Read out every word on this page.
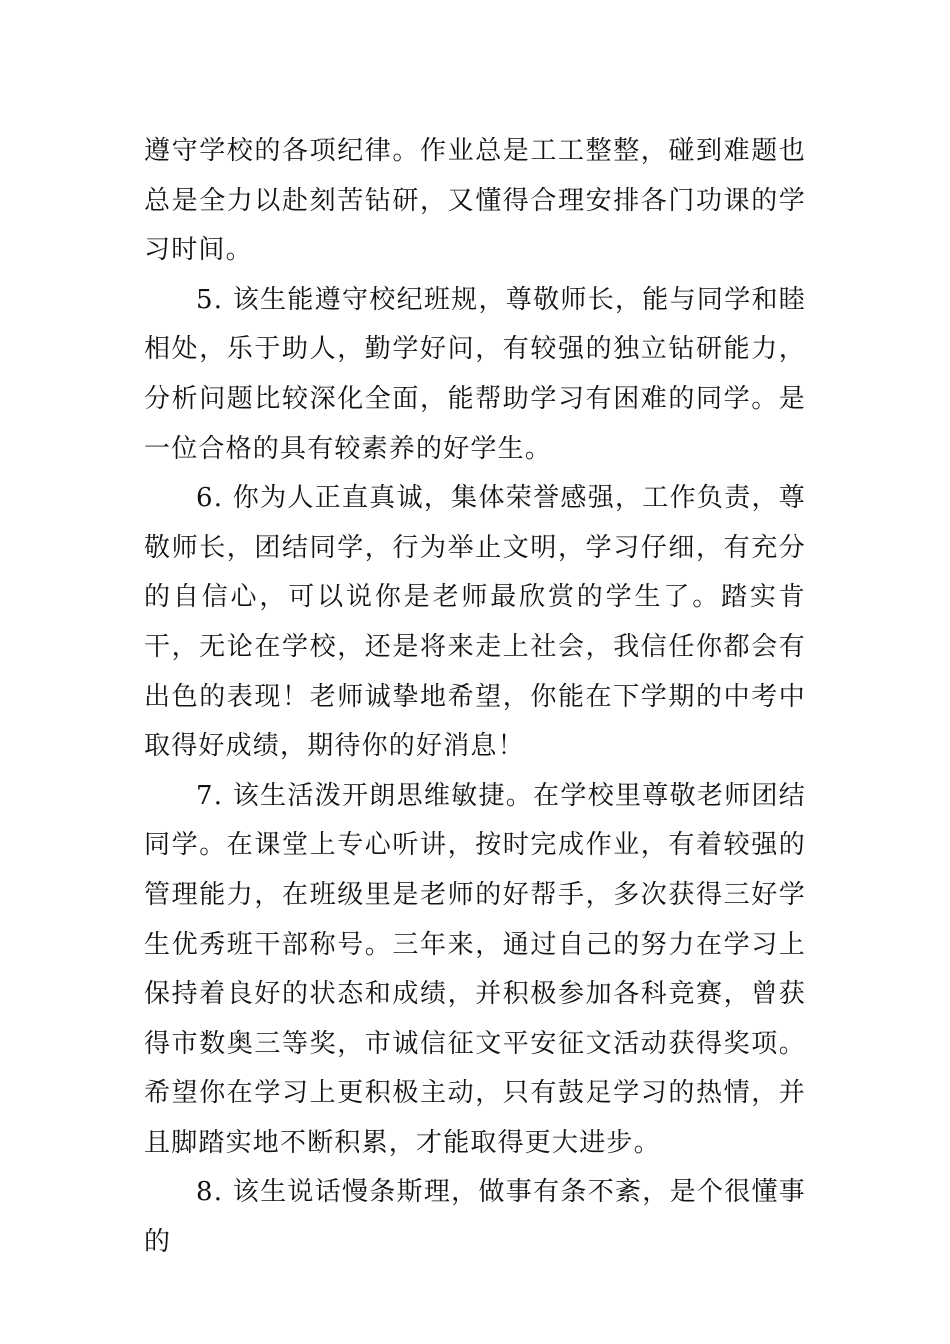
遵守学校的各项纪律。作业总是工工整整，碰到难题也总是全力以赴刻苦钻研，又懂得合理安排各门功课的学习时间。

5. 该生能遵守校纪班规，尊敬师长，能与同学和睦相处，乐于助人，勤学好问，有较强的独立钻研能力，分析问题比较深化全面，能帮助学习有困难的同学。是一位合格的具有较素养的好学生。

6. 你为人正直真诚，集体荣誉感强，工作负责，尊敬师长，团结同学，行为举止文明，学习仔细，有充分的自信心，可以说你是老师最欣赏的学生了。踏实肯干，无论在学校，还是将来走上社会，我信任你都会有出色的表现！老师诚挚地希望，你能在下学期的中考中取得好成绩，期待你的好消息！

7. 该生活泼开朗思维敏捷。在学校里尊敬老师团结同学。在课堂上专心听讲，按时完成作业，有着较强的管理能力，在班级里是老师的好帮手，多次获得三好学生优秀班干部称号。三年来，通过自己的努力在学习上保持着良好的状态和成绩，并积极参加各科竞赛，曾获得市数奥三等奖，市诚信征文平安征文活动获得奖项。希望你在学习上更积极主动，只有鼓足学习的热情，并且脚踏实地不断积累，才能取得更大进步。

8. 该生说话慢条斯理，做事有条不紊，是个很懂事的
